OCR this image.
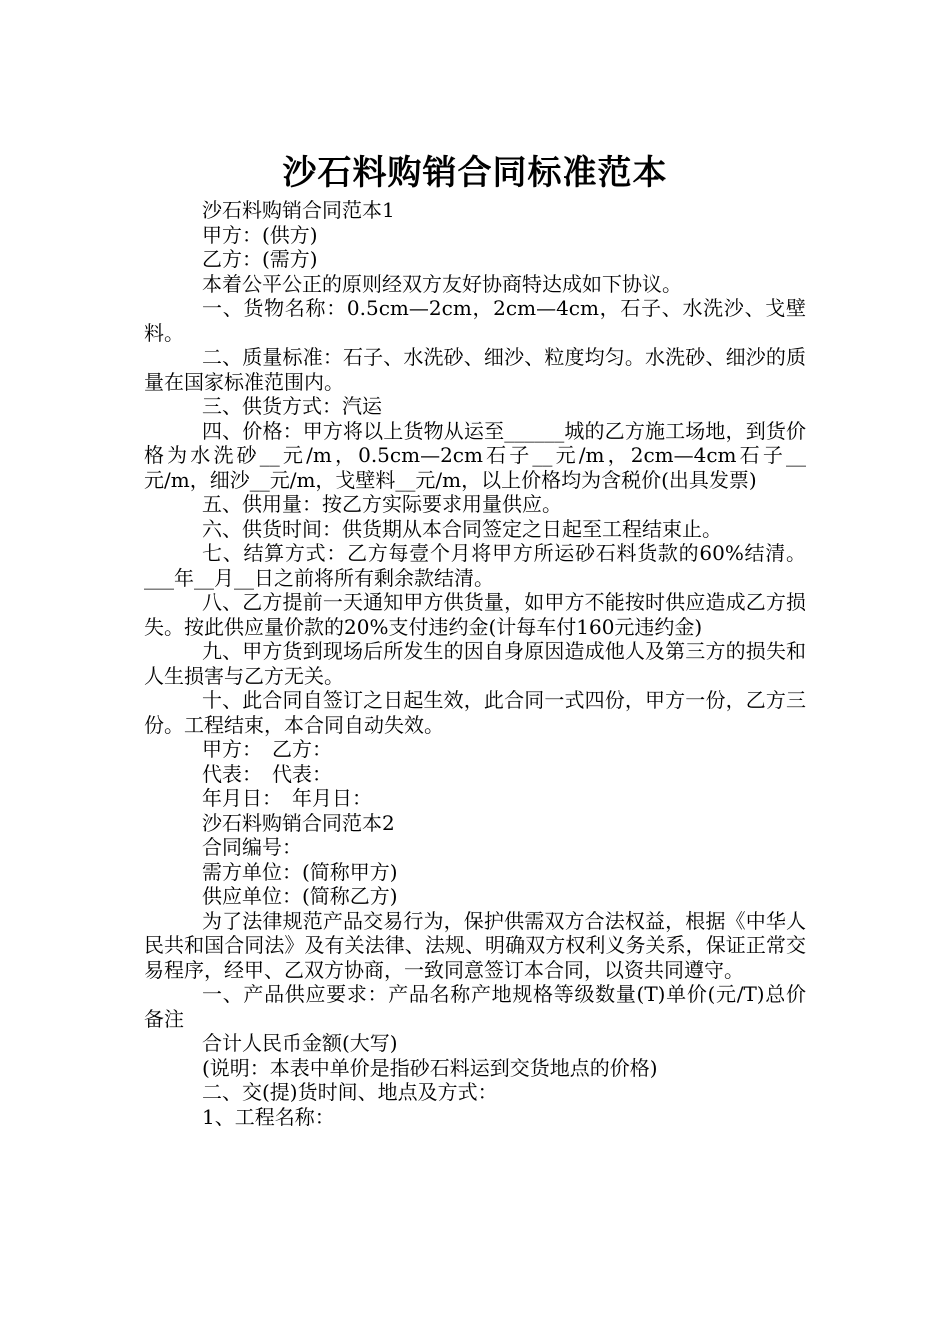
沙石料购销合同标准范本

沙石料购销合同范本1

甲方：(供方)

乙方：(需方)

本着公平公正的原则经双方友好协商特达成如下协议。

一、货物名称：0.5cm—2cm，2cm—4cm，石子、水洗沙、戈壁料。

二、质量标准：石子、水洗砂、细沙、粒度均匀。水洗砂、细沙的质量在国家标准范围内。

三、供货方式：汽运

四、价格：甲方将以上货物从运至______城的乙方施工场地，到货价格为水洗砂__元/m，0.5cm—2cm石子__元/m，2cm—4cm石子__元/m，细沙__元/m，戈壁料__元/m，以上价格均为含税价(出具发票)

五、供用量：按乙方实际要求用量供应。

六、供货时间：供货期从本合同签定之日起至工程结束止。

七、结算方式：乙方每壹个月将甲方所运砂石料货款的60%结清。___年__月__日之前将所有剩余款结清。

八、乙方提前一天通知甲方供货量，如甲方不能按时供应造成乙方损失。按此供应量价款的20%支付违约金(计每车付160元违约金)

九、甲方货到现场后所发生的因自身原因造成他人及第三方的损失和人生损害与乙方无关。

十、此合同自签订之日起生效，此合同一式四份，甲方一份，乙方三份。工程结束，本合同自动失效。

甲方：　乙方：

代表：　代表：

年月日：　年月日：

沙石料购销合同范本2

合同编号：

需方单位：(简称甲方)

供应单位：(简称乙方)

为了法律规范产品交易行为，保护供需双方合法权益，根据《中华人民共和国合同法》及有关法律、法规、明确双方权利义务关系，保证正常交易程序，经甲、乙双方协商，一致同意签订本合同，以资共同遵守。

一、产品供应要求：产品名称产地规格等级数量(T)单价(元/T)总价备注

合计人民币金额(大写)

(说明：本表中单价是指砂石料运到交货地点的价格)

二、交(提)货时间、地点及方式：

1、工程名称：
